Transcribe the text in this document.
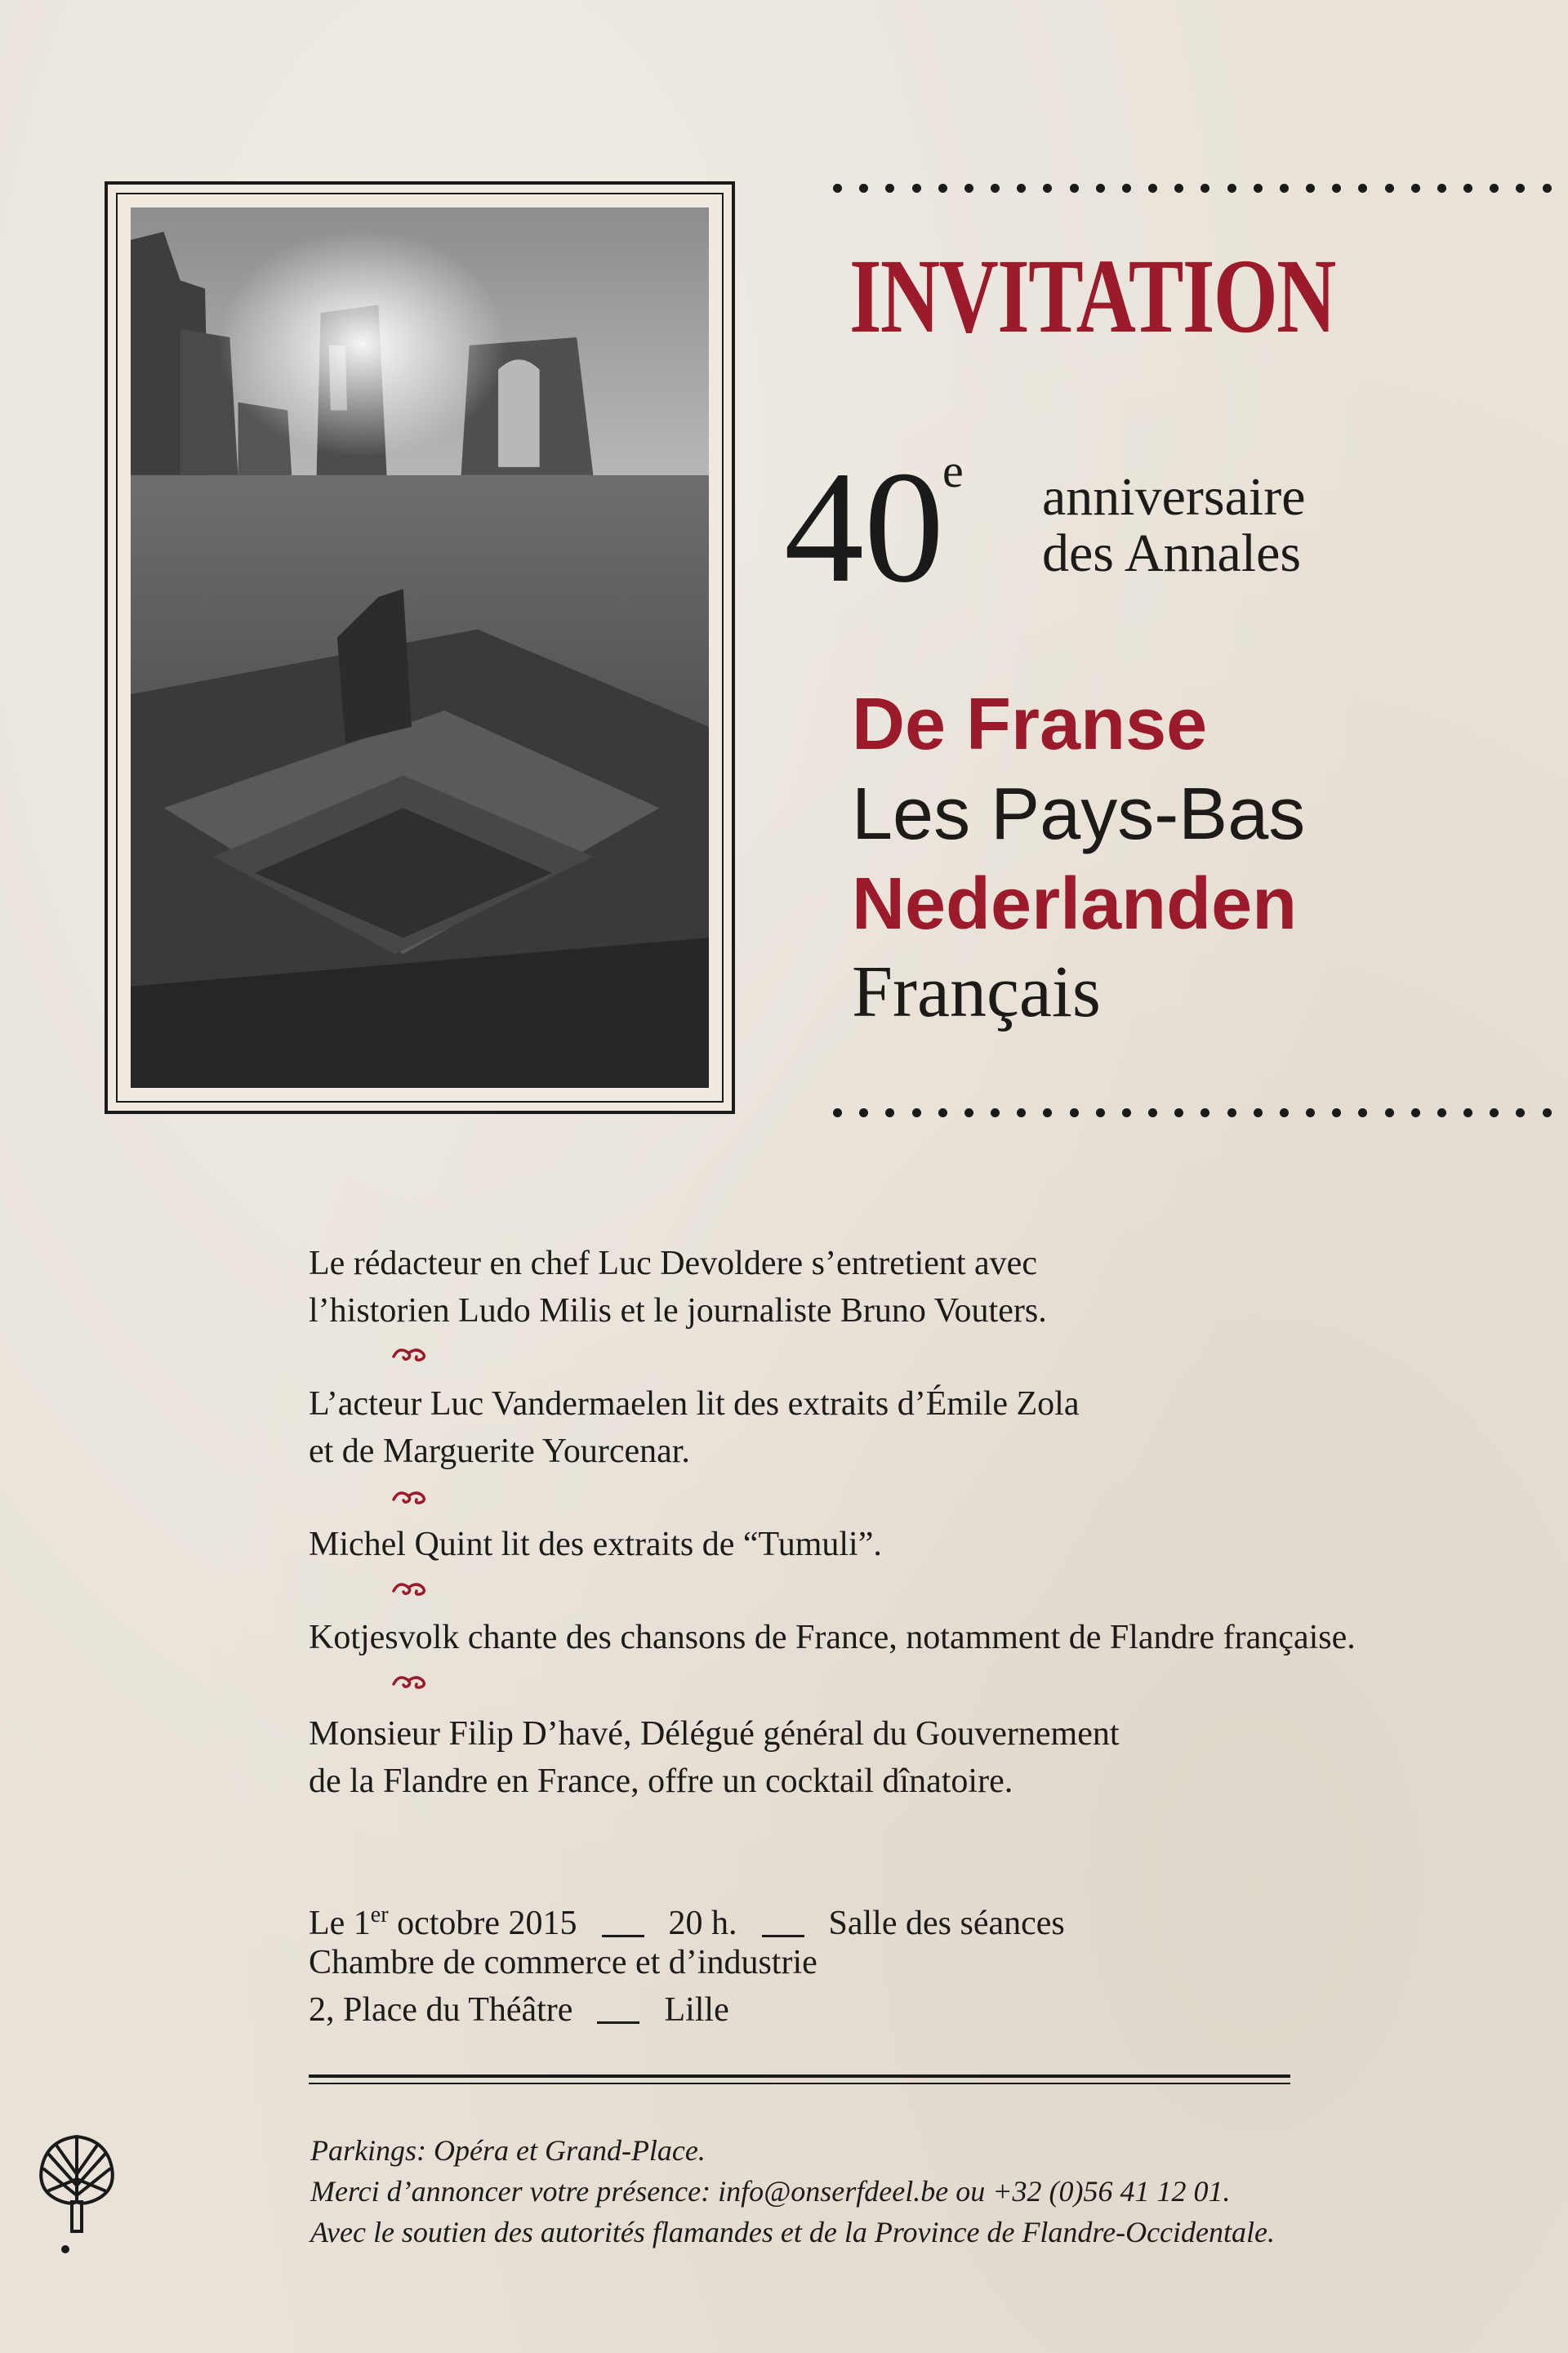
INVITATION
40
e anniversaire
des Annales
De Franse
Les Pays-Bas
Nederlanden
Français
Le rédacteur en chef Luc Devoldere s’entretient avec
l’historien Ludo Milis et le journaliste Bruno Vouters.
L’acteur Luc Vandermaelen lit des extraits d’Émile Zola
et de Marguerite Yourcenar.
Michel Quint lit des extraits de “Tumuli”.
Kotjesvolk chante des chansons de France, notamment de Flandre française.
Monsieur Filip D’havé, Délégué général du Gouvernement
de la Flandre en France, offre un cocktail dînatoire.
Le 1er octobre 2015	20 h.	Salle des séances
Chambre de commerce et d’industrie
2, Place du Théâtre	Lille
Parkings: Opéra et Grand-Place.
Merci d’annoncer votre présence: info@onserfdeel.be ou +32 (0)56 41 12 01.
Avec le soutien des autorités flamandes et de la Province de Flandre-Occidentale.
